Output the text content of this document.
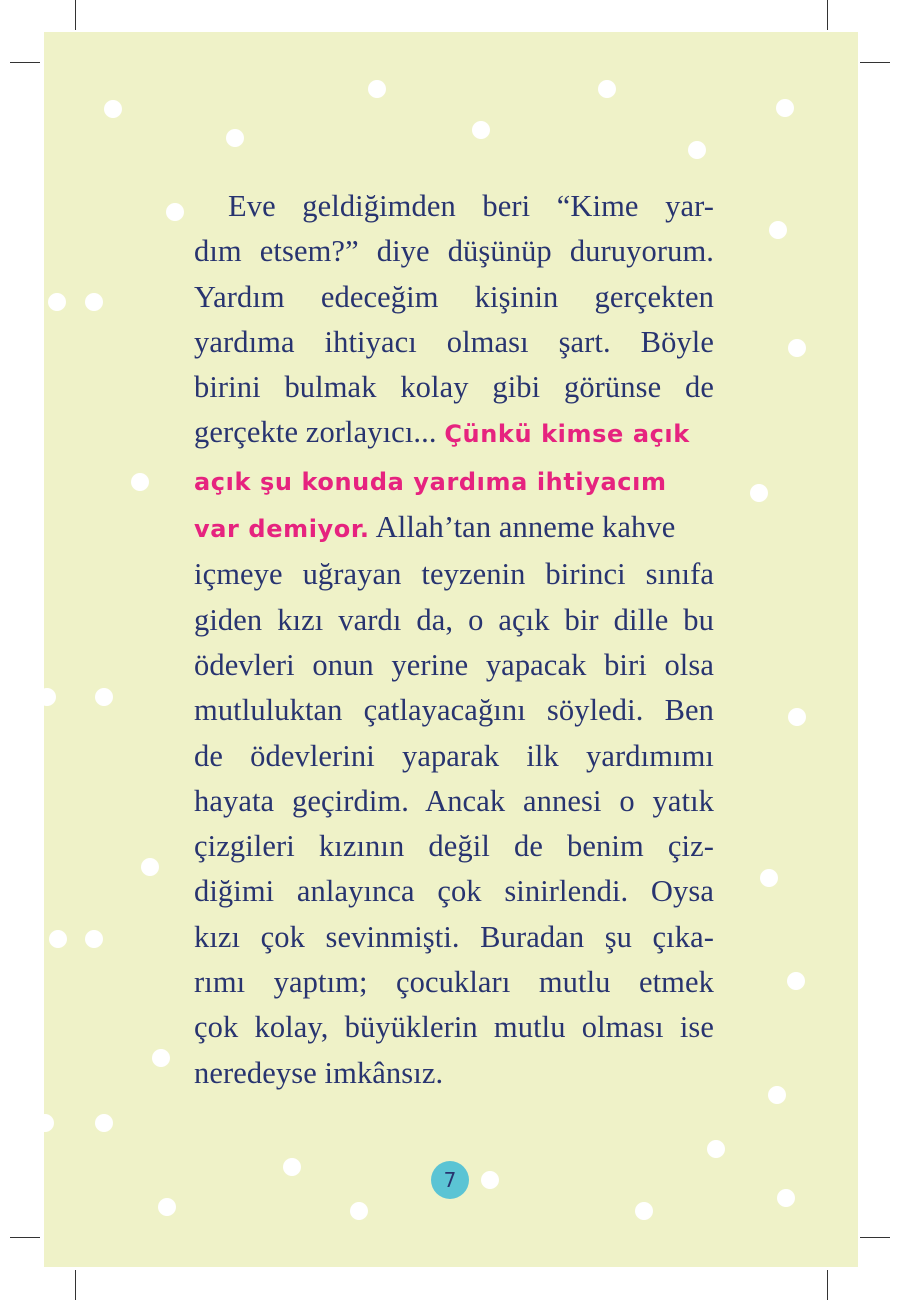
Eve geldiğimden beri “Kime yar-
dım etsem?” diye düşünüp duruyorum.
Yardım edeceğim kişinin gerçekten
yardıma ihtiyacı olması şart. Böyle
birini bulmak kolay gibi görünse de
gerçekte zorlayıcı... Çünkü kimse açık
açık şu konuda yardıma ihtiyacım
var demiyor. Allah’tan anneme kahve
içmeye uğrayan teyzenin birinci sınıfa
giden kızı vardı da, o açık bir dille bu
ödevleri onun yerine yapacak biri olsa
mutluluktan çatlayacağını söyledi. Ben
de ödevlerini yaparak ilk yardımımı
hayata geçirdim. Ancak annesi o yatık
çizgileri kızının değil de benim çiz-
diğimi anlayınca çok sinirlendi. Oysa
kızı çok sevinmişti. Buradan şu çıka-
rımı yaptım; çocukları mutlu etmek
çok kolay, büyüklerin mutlu olması ise
neredeyse imkânsız.
7
